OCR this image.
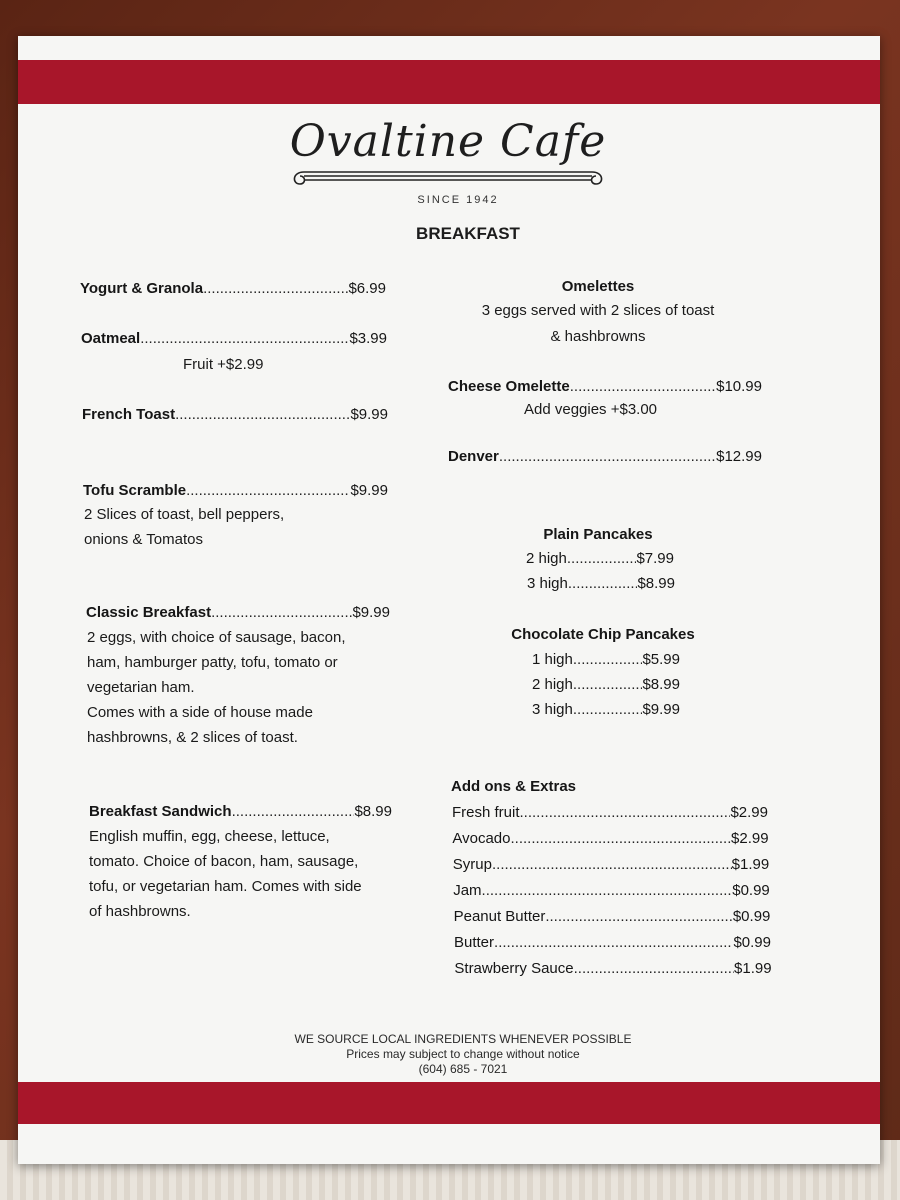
Ovaltine Cafe
SINCE 1942
BREAKFAST
Yogurt & Granola .....	$6.99
Oatmeal .....	$3.99
Fruit +$2.99
French Toast .....	$9.99
Tofu Scramble .....	$9.99
2 Slices of toast, bell peppers,
onions & Tomatos
Classic Breakfast .....	$9.99
2 eggs, with choice of sausage, bacon,
ham, hamburger patty, tofu, tomato or
vegetarian ham.
Comes with a side of house made
hashbrowns, & 2 slices of toast.
Breakfast Sandwich .....	$8.99
English muffin, egg, cheese, lettuce,
tomato. Choice of bacon, ham, sausage,
tofu, or vegetarian ham. Comes with side
of hashbrowns.
Omelettes
3 eggs served with 2 slices of toast
& hashbrowns
Cheese Omelette .....	$10.99
Add veggies +$3.00
Denver .....	$12.99
Plain Pancakes
2 high .....	$7.99
3 high .....	$8.99
Chocolate Chip Pancakes
1 high .....	$5.99
2 high .....	$8.99
3 high .....	$9.99
Add ons & Extras
Fresh fruit .....	$2.99
Avocado .....	$2.99
Syrup .....	$1.99
Jam .....	$0.99
Peanut Butter .....	$0.99
Butter .....	$0.99
Strawberry Sauce .....	$1.99
WE SOURCE LOCAL INGREDIENTS WHENEVER POSSIBLE
Prices may subject to change without notice
(604) 685 - 7021
